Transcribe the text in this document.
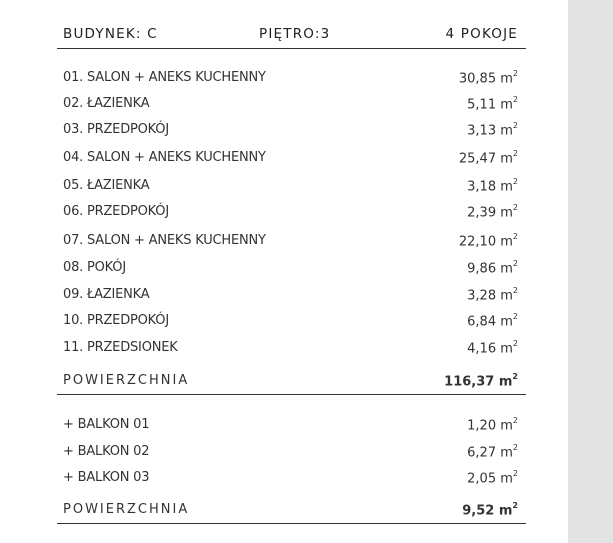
BUDYNEK: C	PIĘTRO:3	4 POKOJE
01. SALON + ANEKS KUCHENNY	30,85 $m^2$
02. ŁAZIENKA	5,11 $m^2$
03. PRZEDPOKÓJ	3,13 $m^2$
04. SALON + ANEKS KUCHENNY	25,47 $m^2$
05. ŁAZIENKA	3,18 $m^2$
06. PRZEDPOKÓJ	2,39 $m^2$
07. SALON + ANEKS KUCHENNY	22,10 $m^2$
08. POKÓJ	9,86 $m^2$
09. ŁAZIENKA	3,28 $m^2$
10. PRZEDPOKÓJ	6,84 $m^2$
11. PRZEDSIONEK	4,16 $m^2$
POWIERZCHNIA	116,37 $m^2$
+ BALKON 01	1,20 $m^2$
+ BALKON 02	6,27 $m^2$
+ BALKON 03	2,05 $m^2$
POWIERZCHNIA	9,52 $m^2$
